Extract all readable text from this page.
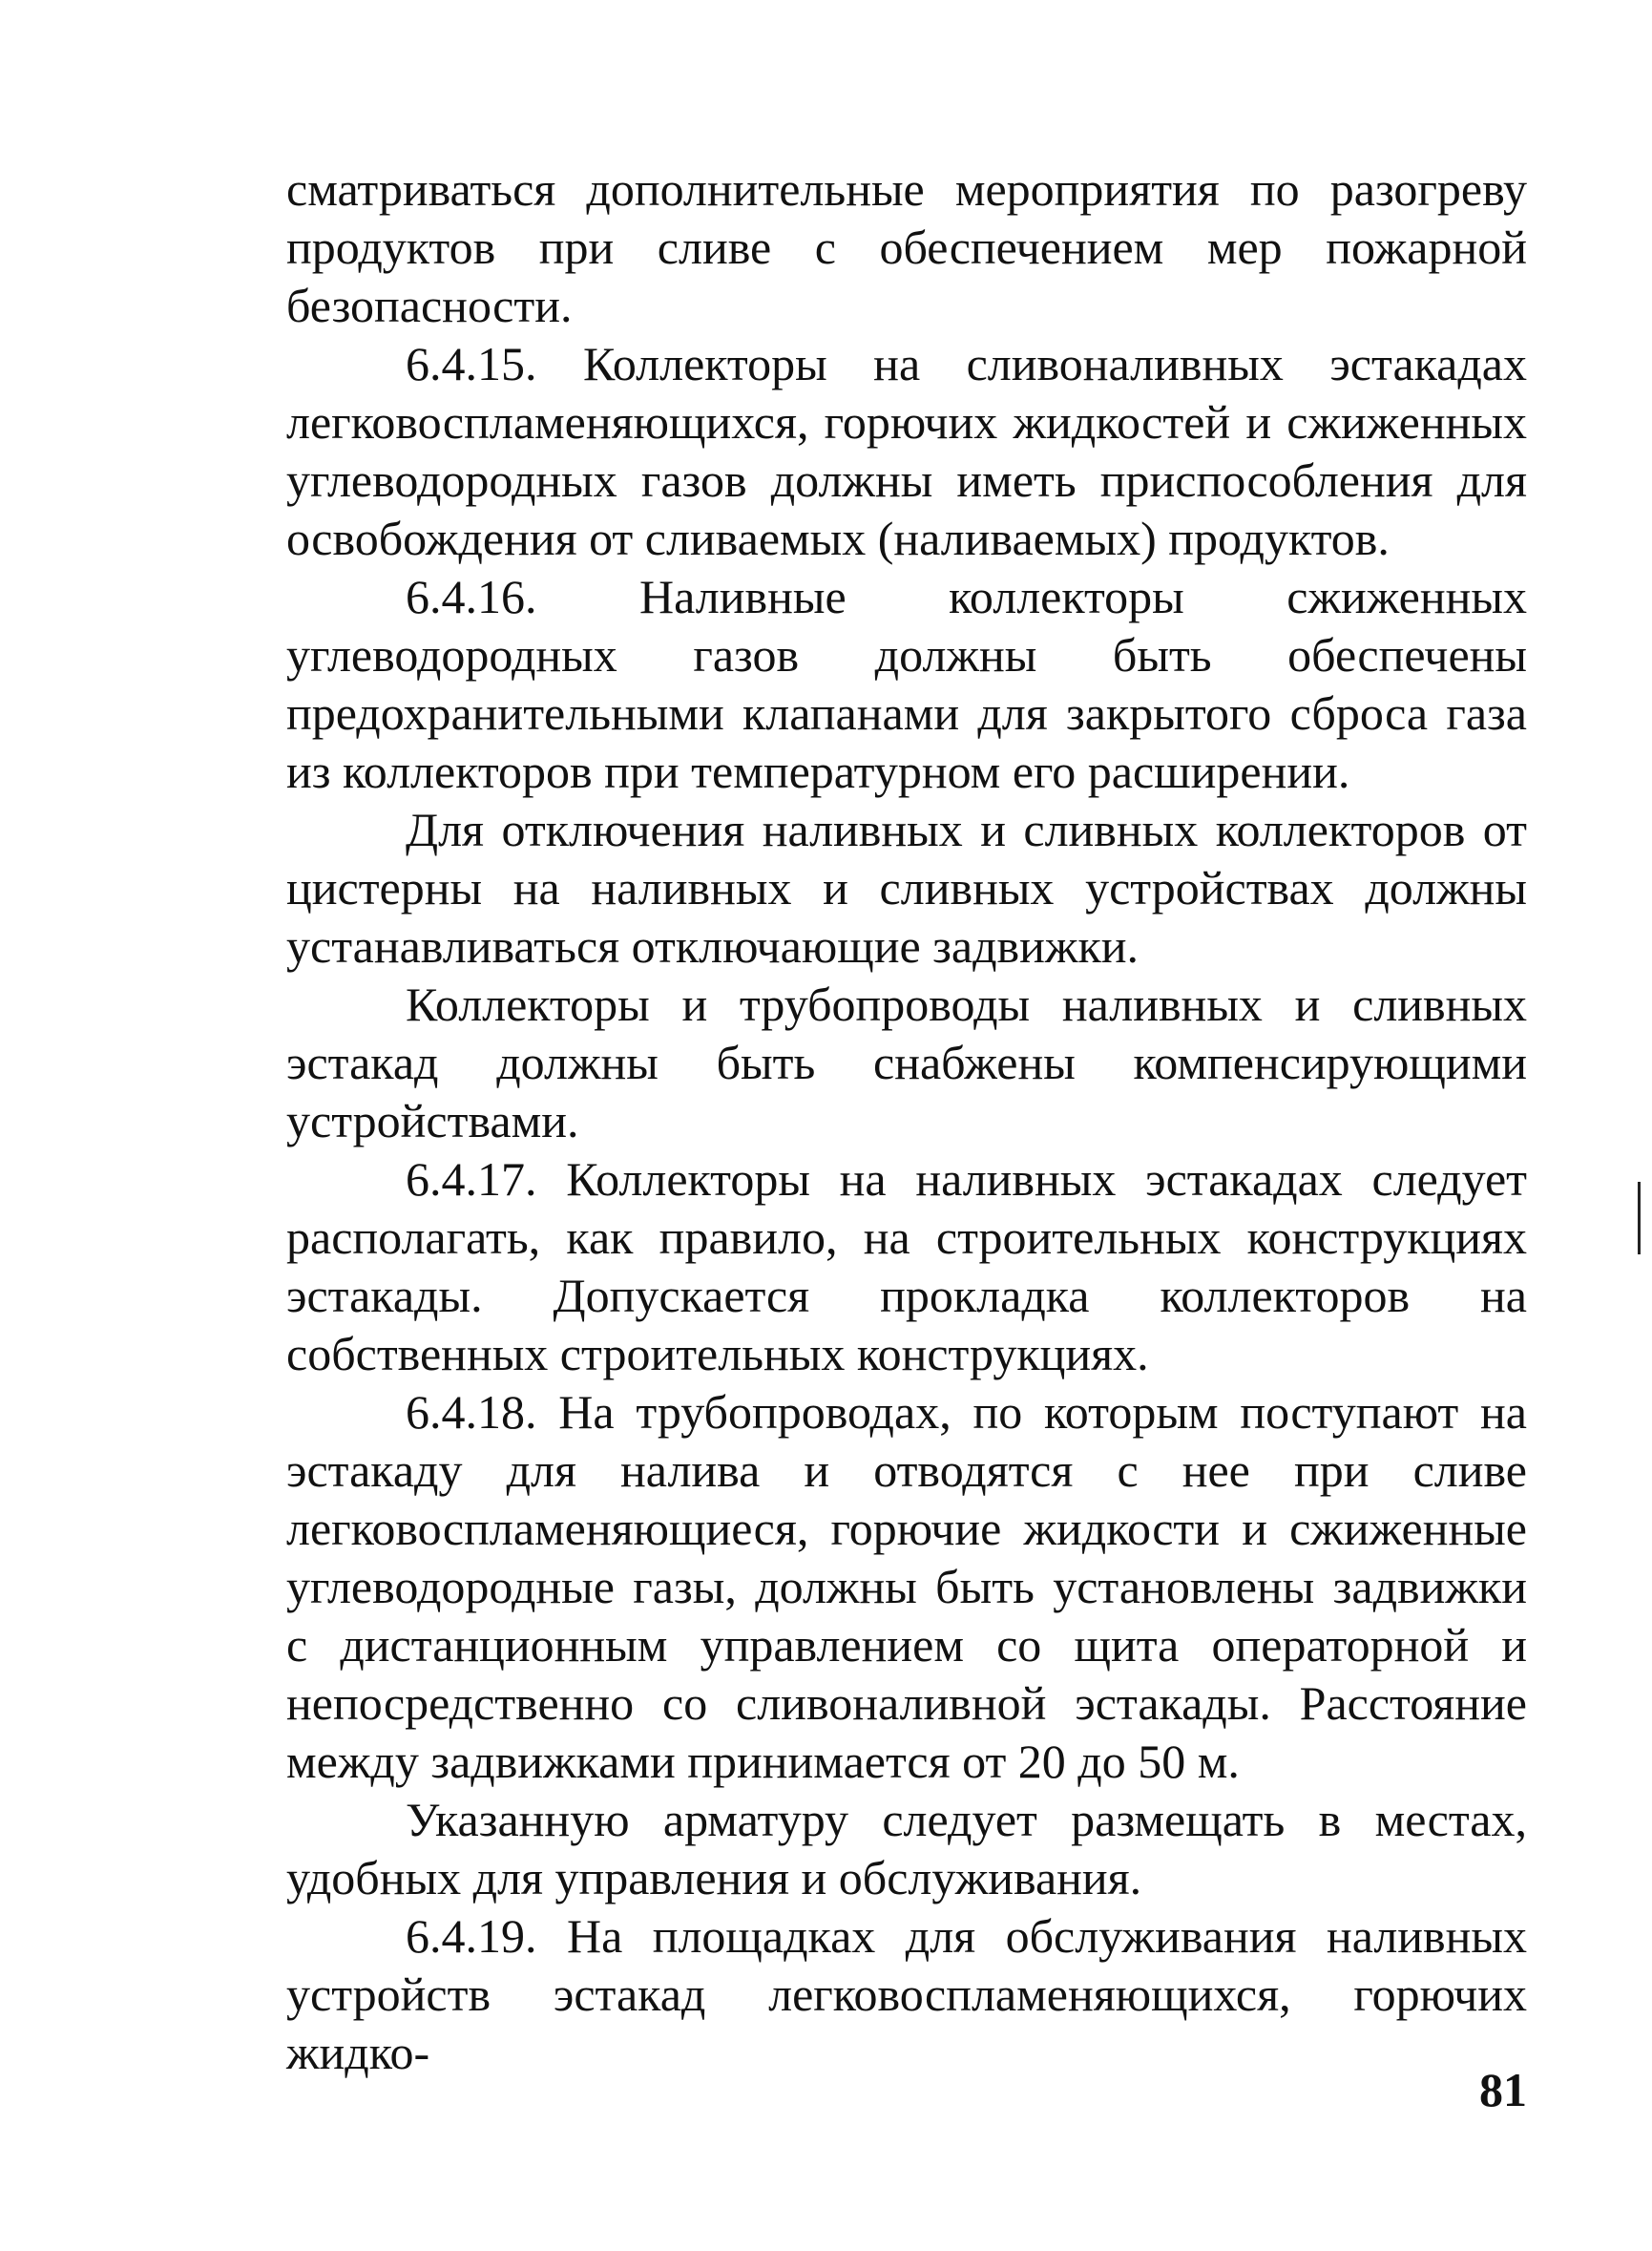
сматриваться дополнительные мероприятия по разогреву продуктов при сливе с обеспечением мер пожарной безопасности.

6.4.15. Коллекторы на сливоналивных эстакадах легковоспламеняющихся, горючих жидкостей и сжиженных углеводородных газов должны иметь приспособления для освобождения от сливаемых (наливаемых) продуктов.

6.4.16. Наливные коллекторы сжиженных углеводородных газов должны быть обеспечены предохранительными клапанами для закрытого сброса газа из коллекторов при температурном его расширении.

Для отключения наливных и сливных коллекторов от цистерны на наливных и сливных устройствах должны устанавливаться отключающие задвижки.

Коллекторы и трубопроводы наливных и сливных эстакад должны быть снабжены компенсирующими устройствами.

6.4.17. Коллекторы на наливных эстакадах следует располагать, как правило, на строительных конструкциях эстакады. Допускается прокладка коллекторов на собственных строительных конструкциях.

6.4.18. На трубопроводах, по которым поступают на эстакаду для налива и отводятся с нее при сливе легковоспламеняющиеся, горючие жидкости и сжиженные углеводородные газы, должны быть установлены задвижки с дистанционным управлением со щита операторной и непосредственно со сливоналивной эстакады. Расстояние между задвижками принимается от 20 до 50 м.

Указанную арматуру следует размещать в местах, удобных для управления и обслуживания.

6.4.19. На площадках для обслуживания наливных устройств эстакад легковоспламеняющихся, горючих жидко-

81
